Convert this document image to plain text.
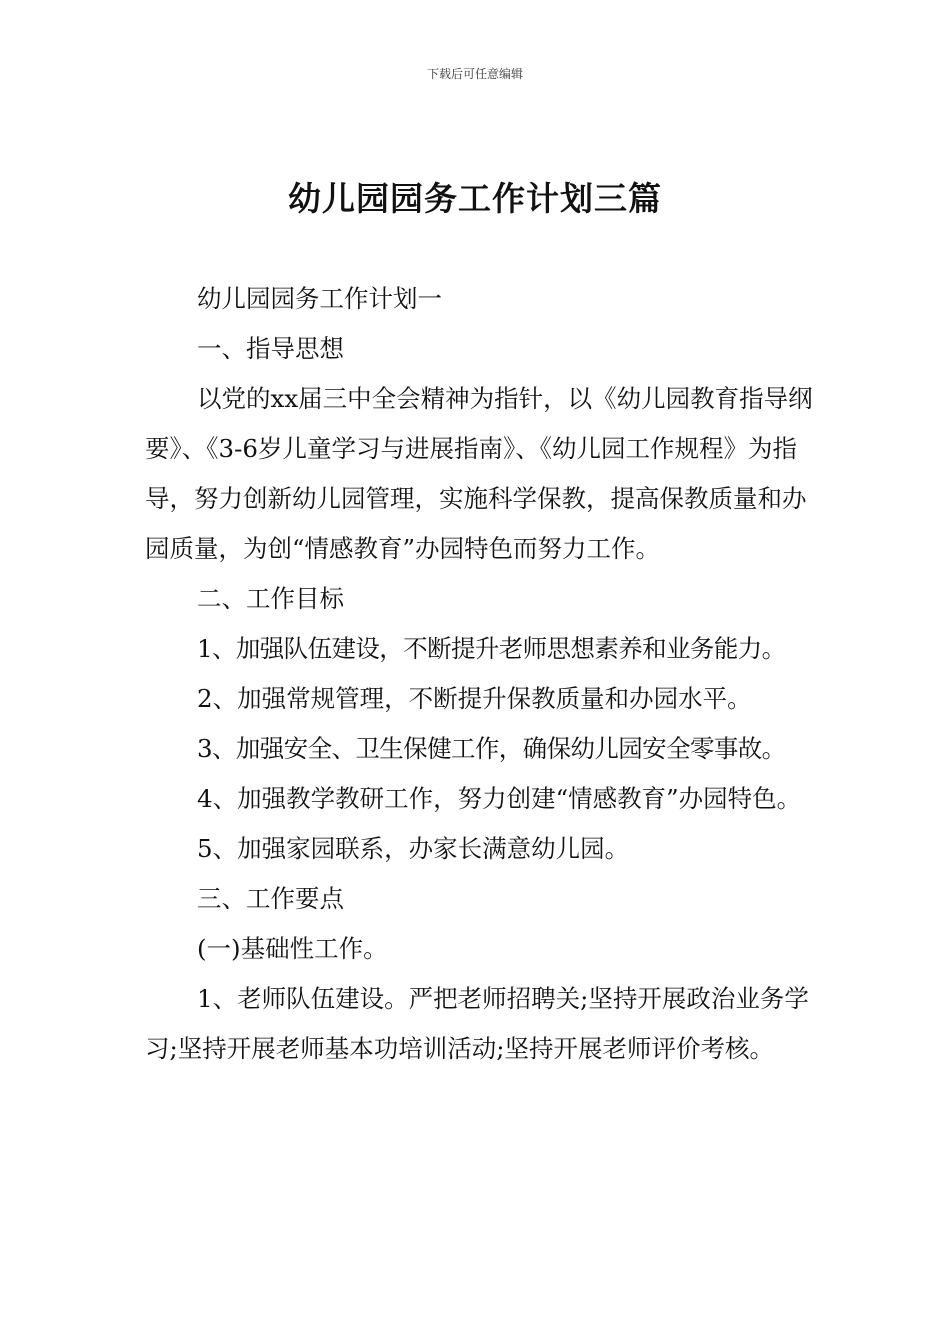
下载后可任意编辑
幼儿园园务工作计划三篇

幼儿园园务工作计划一

一、指导思想

以党的xx届三中全会精神为指针，以《幼儿园教育指导纲要》、《3-6岁儿童学习与进展指南》、《幼儿园工作规程》为指导，努力创新幼儿园管理，实施科学保教，提高保教质量和办园质量，为创“情感教育”办园特色而努力工作。

二、工作目标

1、加强队伍建设，不断提升老师思想素养和业务能力。

2、加强常规管理，不断提升保教质量和办园水平。

3、加强安全、卫生保健工作，确保幼儿园安全零事故。

4、加强教学教研工作，努力创建“情感教育”办园特色。

5、加强家园联系，办家长满意幼儿园。

三、工作要点

(一)基础性工作。

1、老师队伍建设。严把老师招聘关;坚持开展政治业务学习;坚持开展老师基本功培训活动;坚持开展老师评价考核。
